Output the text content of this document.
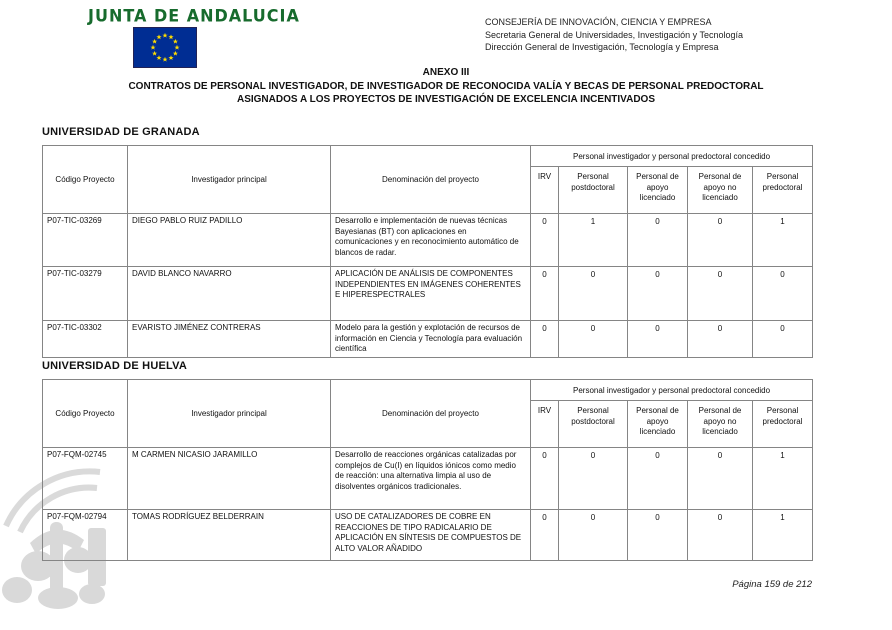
JUNTA DE ANDALUCIA	CONSEJERÍA DE INNOVACIÓN, CIENCIA Y EMPRESA
Secretaria General de Universidades, Investigación y Tecnología
Dirección General de Investigación, Tecnología y Empresa
ANEXO III
CONTRATOS DE PERSONAL INVESTIGADOR, DE INVESTIGADOR DE RECONOCIDA VALÍA Y BECAS DE PERSONAL PREDOCTORAL
ASIGNADOS A LOS PROYECTOS DE INVESTIGACIÓN DE EXCELENCIA INCENTIVADOS
UNIVERSIDAD DE GRANADA
Código Proyecto	Investigador principal	Denominación del proyecto	Personal investigador y personal predoctoral concedido				
			IRV	Personal postdoctoral	Personal de apoyo licenciado	Personal de apoyo no licenciado	Personal predoctoral
P07-TIC-03269	DIEGO PABLO RUIZ PADILLO	Desarrollo e implementación de nuevas técnicas Bayesianas (BT) con aplicaciones en comunicaciones y en reconocimiento automático de blancos de radar.	0	1	0	0	1
P07-TIC-03279	DAVID BLANCO NAVARRO	APLICACIÓN DE ANÁLISIS DE COMPONENTES INDEPENDIENTES EN IMÁGENES COHERENTES E HIPERESPECTRALES	0	0	0	0	0
P07-TIC-03302	EVARISTO JIMÉNEZ CONTRERAS	Modelo para la gestión y explotación de recursos de información en Ciencia y Tecnología para evaluación científica	0	0	0	0	0
UNIVERSIDAD DE HUELVA
Código Proyecto	Investigador principal	Denominación del proyecto	Personal investigador y personal predoctoral concedido				
			IRV	Personal postdoctoral	Personal de apoyo licenciado	Personal de apoyo no licenciado	Personal predoctoral
P07-FQM-02745	M CARMEN NICASIO JARAMILLO	Desarrollo de reacciones orgánicas catalizadas por complejos de Cu(I) en líquidos iónicos como medio de reacción: una alternativa limpia al uso de disolventes orgánicos tradicionales.	0	0	0	0	1
P07-FQM-02794	TOMAS RODRÍGUEZ BELDERRAIN	USO DE CATALIZADORES DE COBRE EN REACCIONES DE TIPO RADICALARIO DE APLICACIÓN EN SÍNTESIS DE COMPUESTOS DE ALTO VALOR AÑADIDO	0	0	0	0	1
Página 159 de 212
